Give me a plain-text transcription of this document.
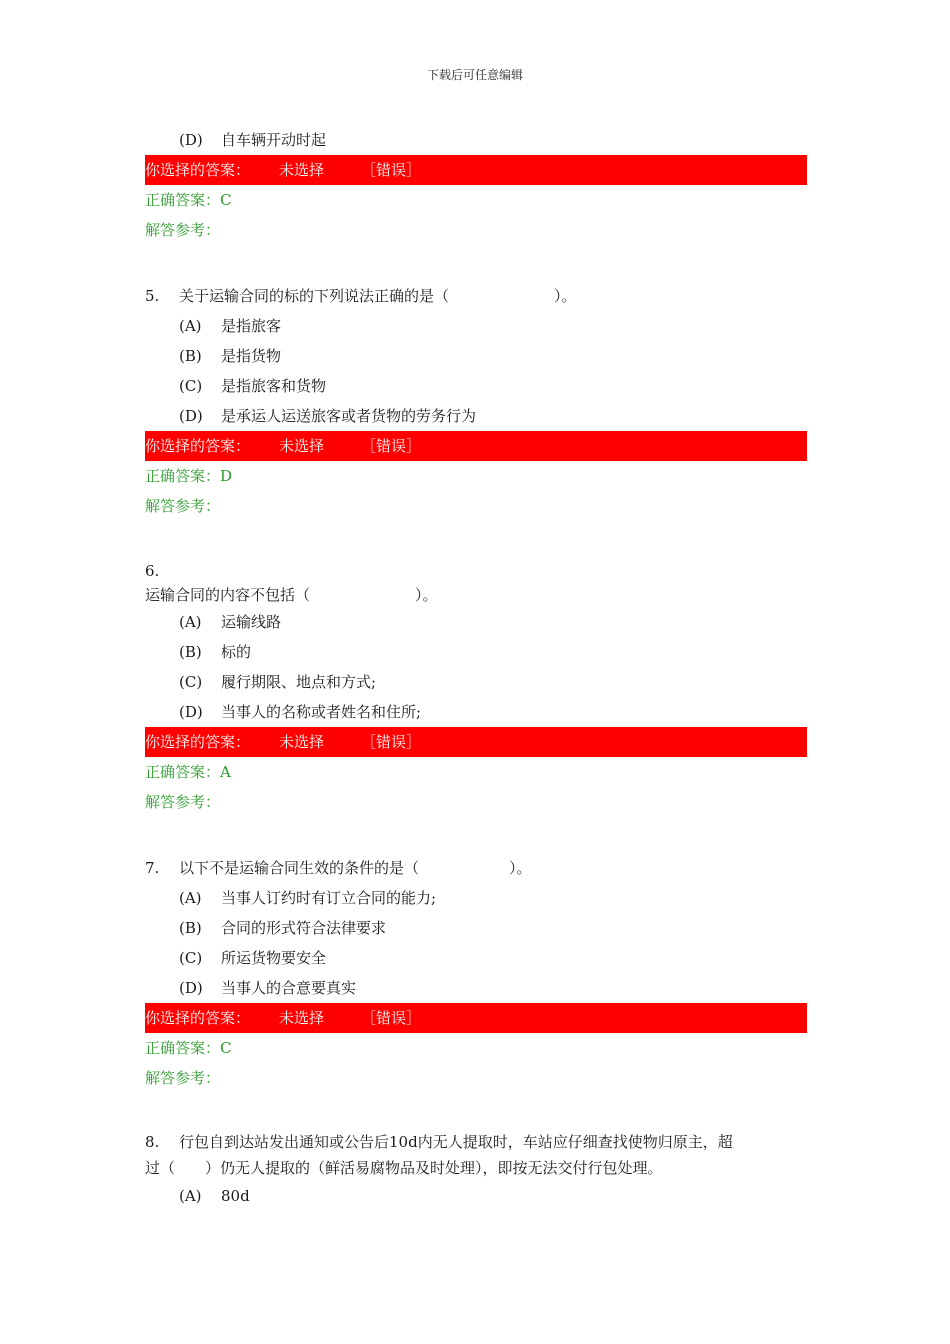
下载后可任意编辑
(D) 自车辆开动时起
你选择的答案： 未选择 ［错误］
正确答案：C
解答参考：
5. 关于运输合同的标的下列说法正确的是（　　　　　　　）。
(A) 是指旅客
(B) 是指货物
(C) 是指旅客和货物
(D) 是承运人运送旅客或者货物的劳务行为
你选择的答案： 未选择 ［错误］
正确答案：D
解答参考：
6.
运输合同的内容不包括（　　　　　　　）。
(A) 运输线路
(B) 标的
(C) 履行期限、地点和方式;
(D) 当事人的名称或者姓名和住所;
你选择的答案： 未选择 ［错误］
正确答案：A
解答参考：
7. 以下不是运输合同生效的条件的是（　　　　　　）。
(A) 当事人订约时有订立合同的能力;
(B) 合同的形式符合法律要求
(C) 所运货物要安全
(D) 当事人的合意要真实
你选择的答案： 未选择 ［错误］
正确答案：C
解答参考：
8. 行包自到达站发出通知或公告后10d内无人提取时，车站应仔细查找使物归原主，超
过（　　）仍无人提取的（鲜活易腐物品及时处理），即按无法交付行包处理。
(A) 80d
